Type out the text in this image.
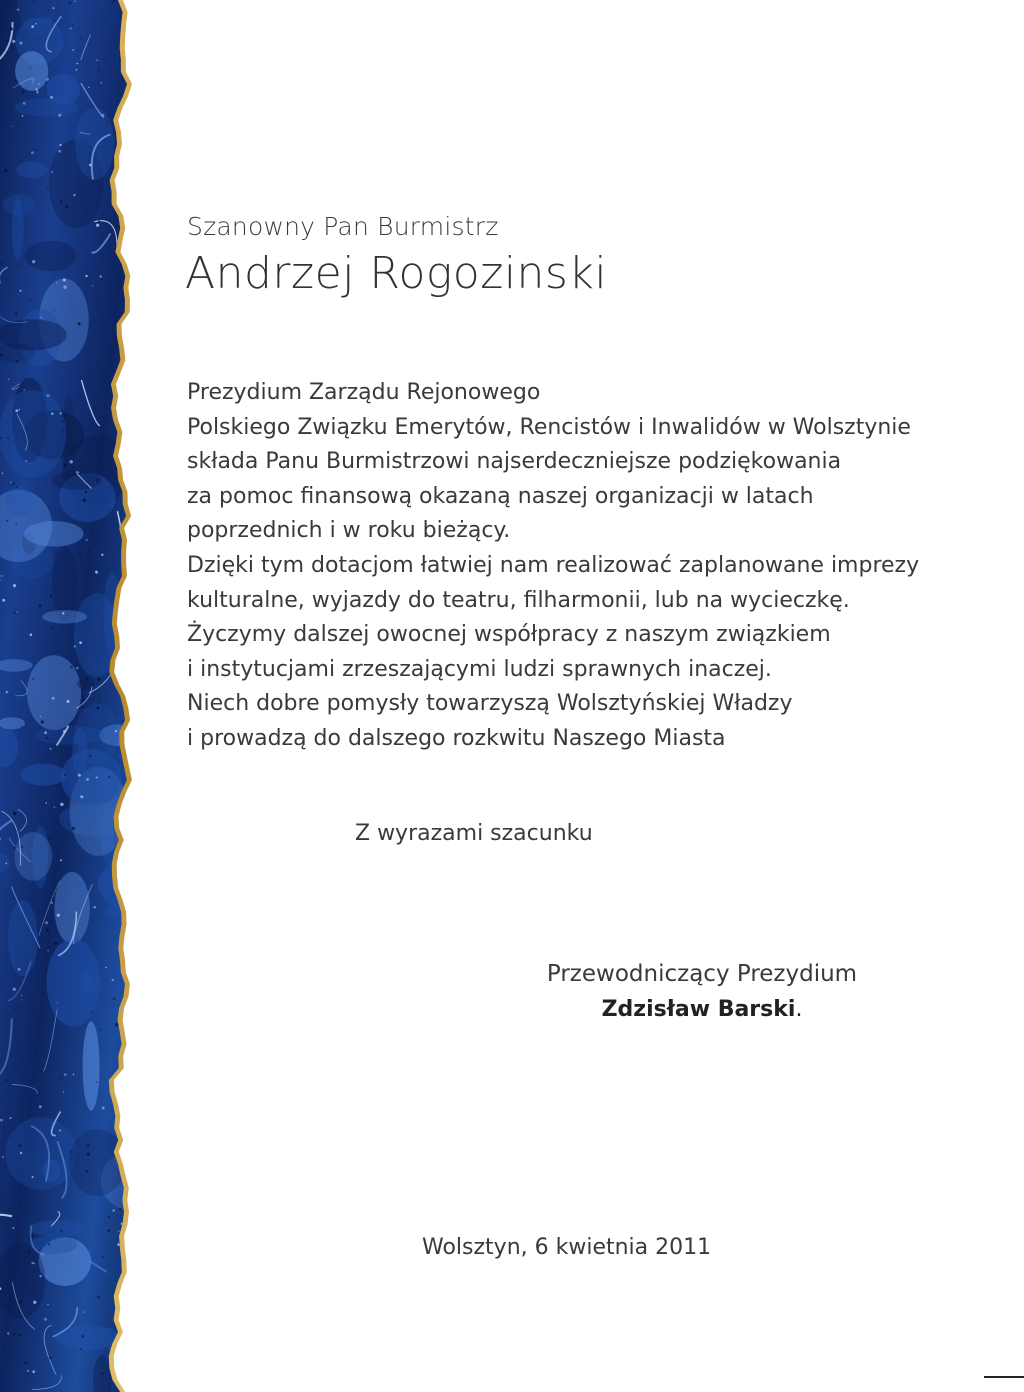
Szanowny Pan Burmistrz
Andrzej Rogozinski
Prezydium Zarządu Rejonowego
Polskiego Związku Emerytów, Rencistów i Inwalidów w Wolsztynie
składa Panu Burmistrzowi najserdeczniejsze podziękowania
za pomoc finansową okazaną naszej organizacji w latach
poprzednich i w roku bieżący.
Dzięki tym dotacjom łatwiej nam realizować zaplanowane imprezy
kulturalne, wyjazdy do teatru, filharmonii, lub na wycieczkę.
Życzymy dalszej owocnej współpracy z naszym związkiem
i instytucjami zrzeszającymi ludzi sprawnych inaczej.
Niech dobre pomysły towarzyszą Wolsztyńskiej Władzy
i prowadzą do dalszego rozkwitu Naszego Miasta
Z wyrazami szacunku
Przewodniczący Prezydium
Zdzisław Barski.
Wolsztyn, 6 kwietnia 2011
